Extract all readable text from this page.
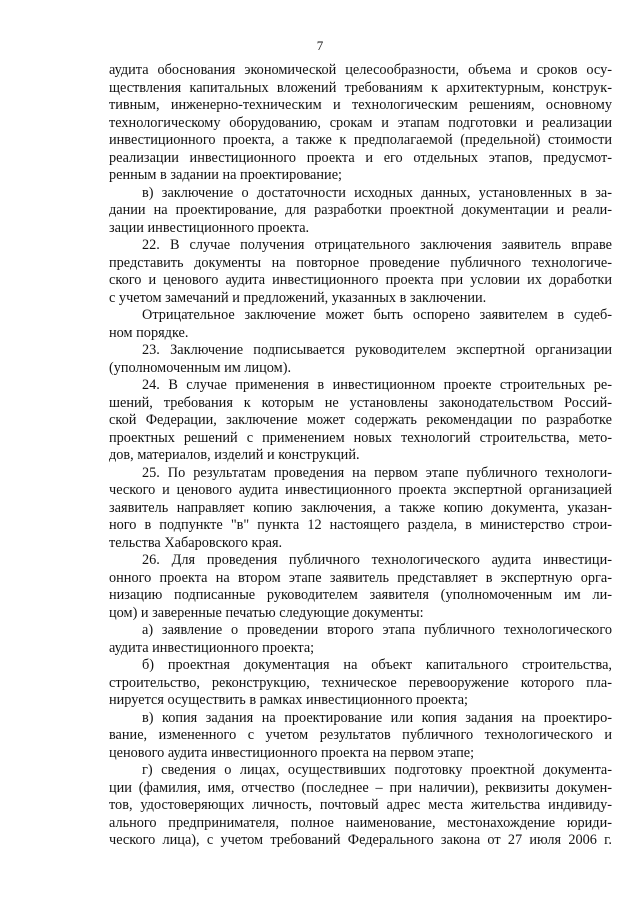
7
аудита обоснования экономической целесообразности, объема и сроков осу-
ществления капитальных вложений требованиям к архитектурным, конструк-
тивным, инженерно-техническим и технологическим решениям, основному
технологическому оборудованию, срокам и этапам подготовки и реализации
инвестиционного проекта, а также к предполагаемой (предельной) стоимости
реализации инвестиционного проекта и его отдельных этапов, предусмот-
ренным в задании на проектирование;
в) заключение о достаточности исходных данных, установленных в за-
дании на проектирование, для разработки проектной документации и реали-
зации инвестиционного проекта.
22. В случае получения отрицательного заключения заявитель вправе
представить документы на повторное проведение публичного технологиче-
ского и ценового аудита инвестиционного проекта при условии их доработки
с учетом замечаний и предложений, указанных в заключении.
Отрицательное заключение может быть оспорено заявителем в судеб-
ном порядке.
23. Заключение подписывается руководителем экспертной организации
(уполномоченным им лицом).
24. В случае применения в инвестиционном проекте строительных ре-
шений, требования к которым не установлены законодательством Россий-
ской Федерации, заключение может содержать рекомендации по разработке
проектных решений с применением новых технологий строительства, мето-
дов, материалов, изделий и конструкций.
25. По результатам проведения на первом этапе публичного технологи-
ческого и ценового аудита инвестиционного проекта экспертной организацией
заявитель направляет копию заключения, а также копию документа, указан-
ного в подпункте "в" пункта 12 настоящего раздела, в министерство строи-
тельства Хабаровского края.
26. Для проведения публичного технологического аудита инвестици-
онного проекта на втором этапе заявитель представляет в экспертную орга-
низацию подписанные руководителем заявителя (уполномоченным им ли-
цом) и заверенные печатью следующие документы:
а) заявление о проведении второго этапа публичного технологического
аудита инвестиционного проекта;
б) проектная документация на объект капитального строительства,
строительство, реконструкцию, техническое перевооружение которого пла-
нируется осуществить в рамках инвестиционного проекта;
в) копия задания на проектирование или копия задания на проектиро-
вание, измененного с учетом результатов публичного технологического и
ценового аудита инвестиционного проекта на первом этапе;
г) сведения о лицах, осуществивших подготовку проектной документа-
ции (фамилия, имя, отчество (последнее – при наличии), реквизиты докумен-
тов, удостоверяющих личность, почтовый адрес места жительства индивиду-
ального предпринимателя, полное наименование, местонахождение юриди-
ческого лица), с учетом требований Федерального закона от 27 июля 2006 г.
